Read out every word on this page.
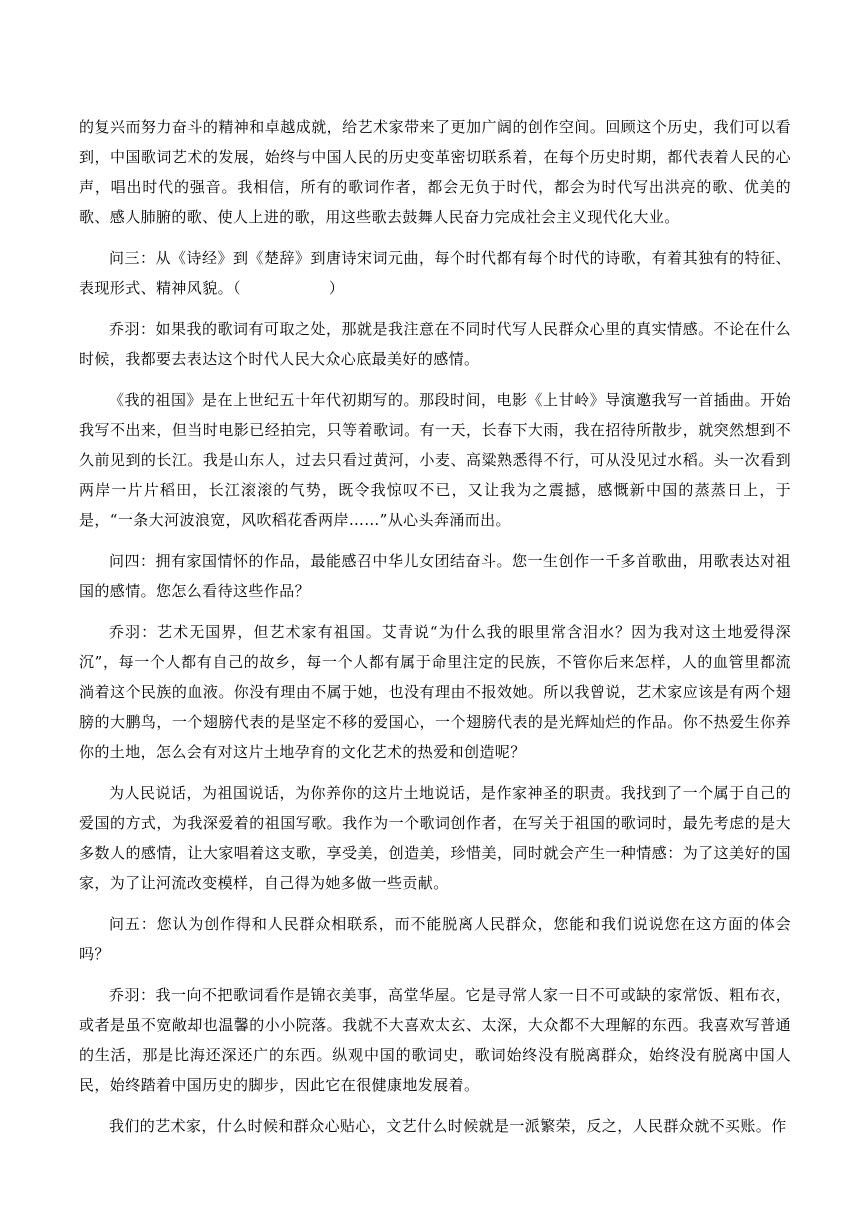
的复兴而努力奋斗的精神和卓越成就，给艺术家带来了更加广阔的创作空间。回顾这个历史，我们可以看到，中国歌词艺术的发展，始终与中国人民的历史变革密切联系着，在每个历史时期，都代表着人民的心声，唱出时代的强音。我相信，所有的歌词作者，都会无负于时代，都会为时代写出洪亮的歌、优美的歌、感人肺腑的歌、使人上进的歌，用这些歌去鼓舞人民奋力完成社会主义现代化大业。

问三：从《诗经》到《楚辞》到唐诗宋词元曲，每个时代都有每个时代的诗歌，有着其独有的特征、表现形式、精神风貌。（	）

乔羽：如果我的歌词有可取之处，那就是我注意在不同时代写人民群众心里的真实情感。不论在什么时候，我都要去表达这个时代人民大众心底最美好的感情。

《我的祖国》是在上世纪五十年代初期写的。那段时间，电影《上甘岭》导演邀我写一首插曲。开始我写不出来，但当时电影已经拍完，只等着歌词。有一天，长春下大雨，我在招待所散步，就突然想到不久前见到的长江。我是山东人，过去只看过黄河，小麦、高粱熟悉得不行，可从没见过水稻。头一次看到两岸一片片稻田，长江滚滚的气势，既令我惊叹不已，又让我为之震撼，感慨新中国的蒸蒸日上，于是，“一条大河波浪宽，风吹稻花香两岸……”从心头奔涌而出。

问四：拥有家国情怀的作品，最能感召中华儿女团结奋斗。您一生创作一千多首歌曲，用歌表达对祖国的感情。您怎么看待这些作品？

乔羽：艺术无国界，但艺术家有祖国。艾青说“为什么我的眼里常含泪水？因为我对这土地爱得深沉”，每一个人都有自己的故乡，每一个人都有属于命里注定的民族，不管你后来怎样，人的血管里都流淌着这个民族的血液。你没有理由不属于她，也没有理由不报效她。所以我曾说，艺术家应该是有两个翅膀的大鹏鸟，一个翅膀代表的是坚定不移的爱国心，一个翅膀代表的是光辉灿烂的作品。你不热爱生你养你的土地，怎么会有对这片土地孕育的文化艺术的热爱和创造呢？

为人民说话，为祖国说话，为你养你的这片土地说话，是作家神圣的职责。我找到了一个属于自己的爱国的方式，为我深爱着的祖国写歌。我作为一个歌词创作者，在写关于祖国的歌词时，最先考虑的是大多数人的感情，让大家唱着这支歌，享受美，创造美，珍惜美，同时就会产生一种情感：为了这美好的国家，为了让河流改变模样，自己得为她多做一些贡献。

问五：您认为创作得和人民群众相联系，而不能脱离人民群众，您能和我们说说您在这方面的体会吗？

乔羽：我一向不把歌词看作是锦衣美事，高堂华屋。它是寻常人家一日不可或缺的家常饭、粗布衣，或者是虽不宽敞却也温馨的小小院落。我就不大喜欢太玄、太深，大众都不大理解的东西。我喜欢写普通的生活，那是比海还深还广的东西。纵观中国的歌词史，歌词始终没有脱离群众，始终没有脱离中国人民，始终踏着中国历史的脚步，因此它在很健康地发展着。

我们的艺术家，什么时候和群众心贴心，文艺什么时候就是一派繁荣，反之，人民群众就不买账。作
